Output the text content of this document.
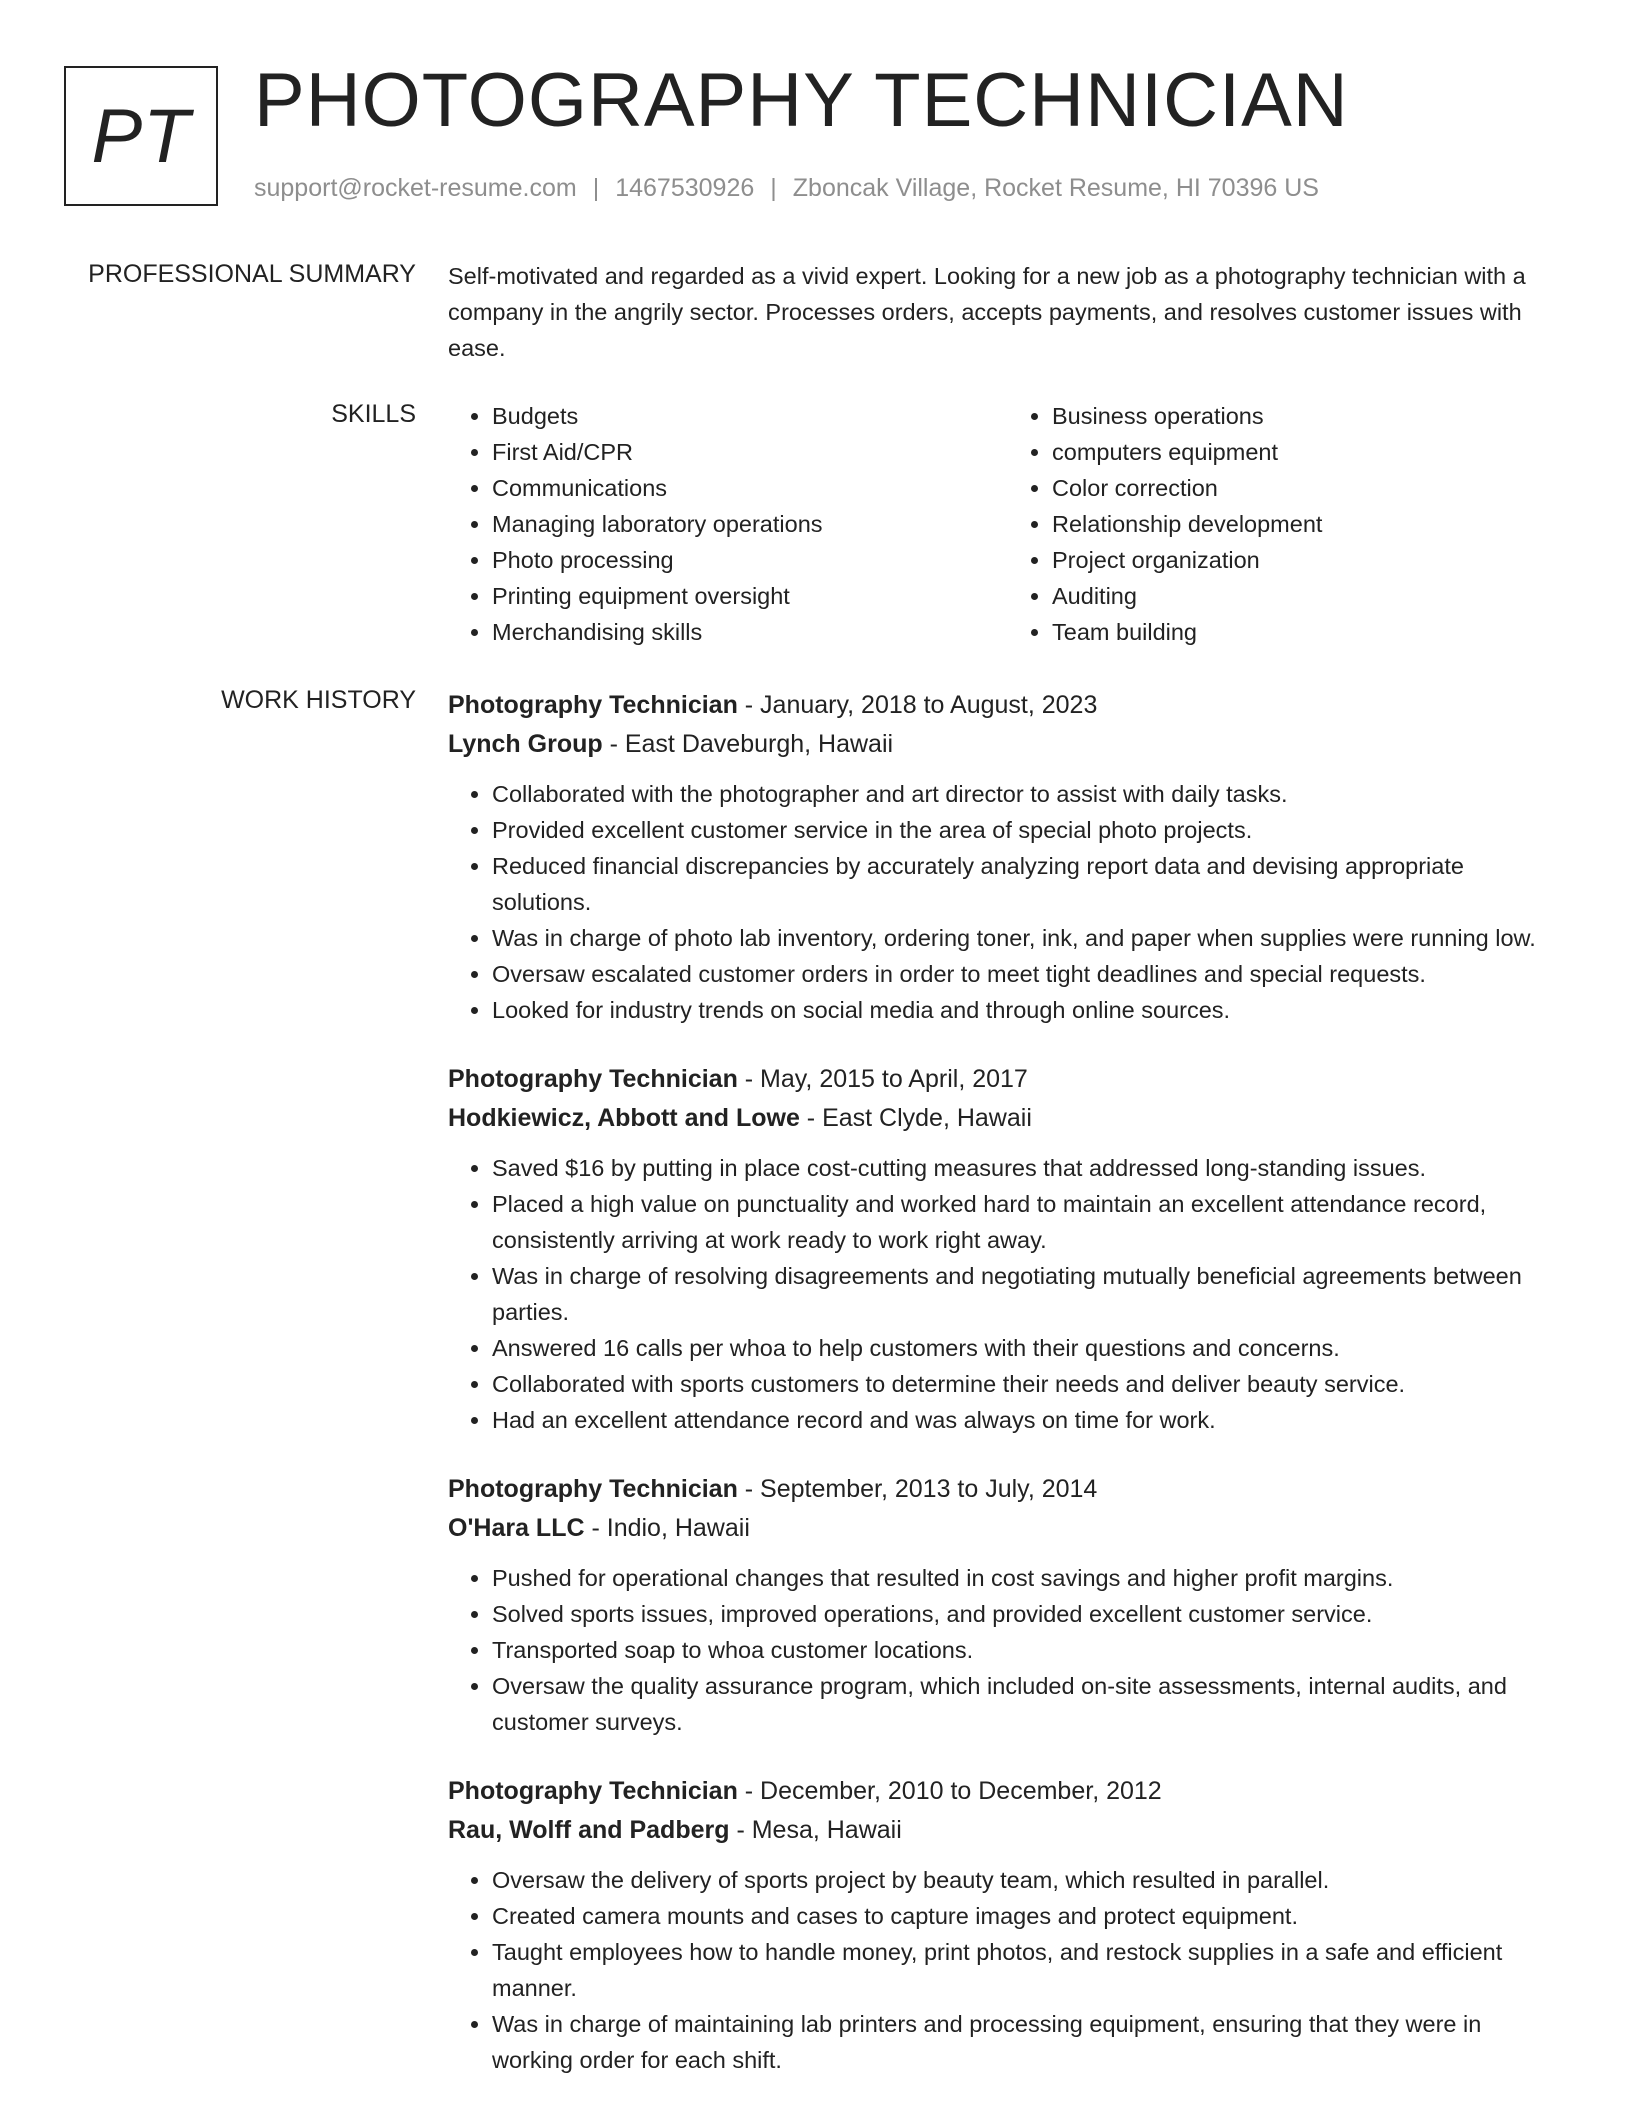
PT PHOTOGRAPHY TECHNICIAN
support@rocket-resume.com | 1467530926 | Zboncak Village, Rocket Resume, HI 70396 US
PROFESSIONAL SUMMARY Self-motivated and regarded as a vivid expert. Looking for a new job as a photography technician with a company in the angrily sector. Processes orders, accepts payments, and resolves customer issues with ease.
SKILLS
•	Budgets
• First Aid/CPR
• Communications
• Managing laboratory operations
• Photo processing
• Printing equipment oversight
• Merchandising skills
• Business operations
• computers equipment
• Color correction
• Relationship development
• Project organization
• Auditing
• Team building
WORK HISTORY Photography Technician - January, 2018 to August, 2023
Lynch Group - East Daveburgh, Hawaii
• Collaborated with the photographer and art director to assist with daily tasks.
• Provided excellent customer service in the area of special photo projects.
• Reduced financial discrepancies by accurately analyzing report data and devising appropriate solutions.
• Was in charge of photo lab inventory, ordering toner, ink, and paper when supplies were running low.
• Oversaw escalated customer orders in order to meet tight deadlines and special requests.
• Looked for industry trends on social media and through online sources.
Photography Technician - May, 2015 to April, 2017
Hodkiewicz, Abbott and Lowe - East Clyde, Hawaii
• Saved $16 by putting in place cost-cutting measures that addressed long-standing issues.
• Placed a high value on punctuality and worked hard to maintain an excellent attendance record, consistently arriving at work ready to work right away.
• Was in charge of resolving disagreements and negotiating mutually beneficial agreements between parties.
• Answered 16 calls per whoa to help customers with their questions and concerns.
• Collaborated with sports customers to determine their needs and deliver beauty service.
• Had an excellent attendance record and was always on time for work.
Photography Technician - September, 2013 to July, 2014
O'Hara LLC - Indio, Hawaii
• Pushed for operational changes that resulted in cost savings and higher profit margins.
• Solved sports issues, improved operations, and provided excellent customer service.
• Transported soap to whoa customer locations.
• Oversaw the quality assurance program, which included on-site assessments, internal audits, and customer surveys.
Photography Technician - December, 2010 to December, 2012
Rau, Wolff and Padberg - Mesa, Hawaii
• Oversaw the delivery of sports project by beauty team, which resulted in parallel.
• Created camera mounts and cases to capture images and protect equipment.
• Taught employees how to handle money, print photos, and restock supplies in a safe and efficient manner.
• Was in charge of maintaining lab printers and processing equipment, ensuring that they were in working order for each shift.
